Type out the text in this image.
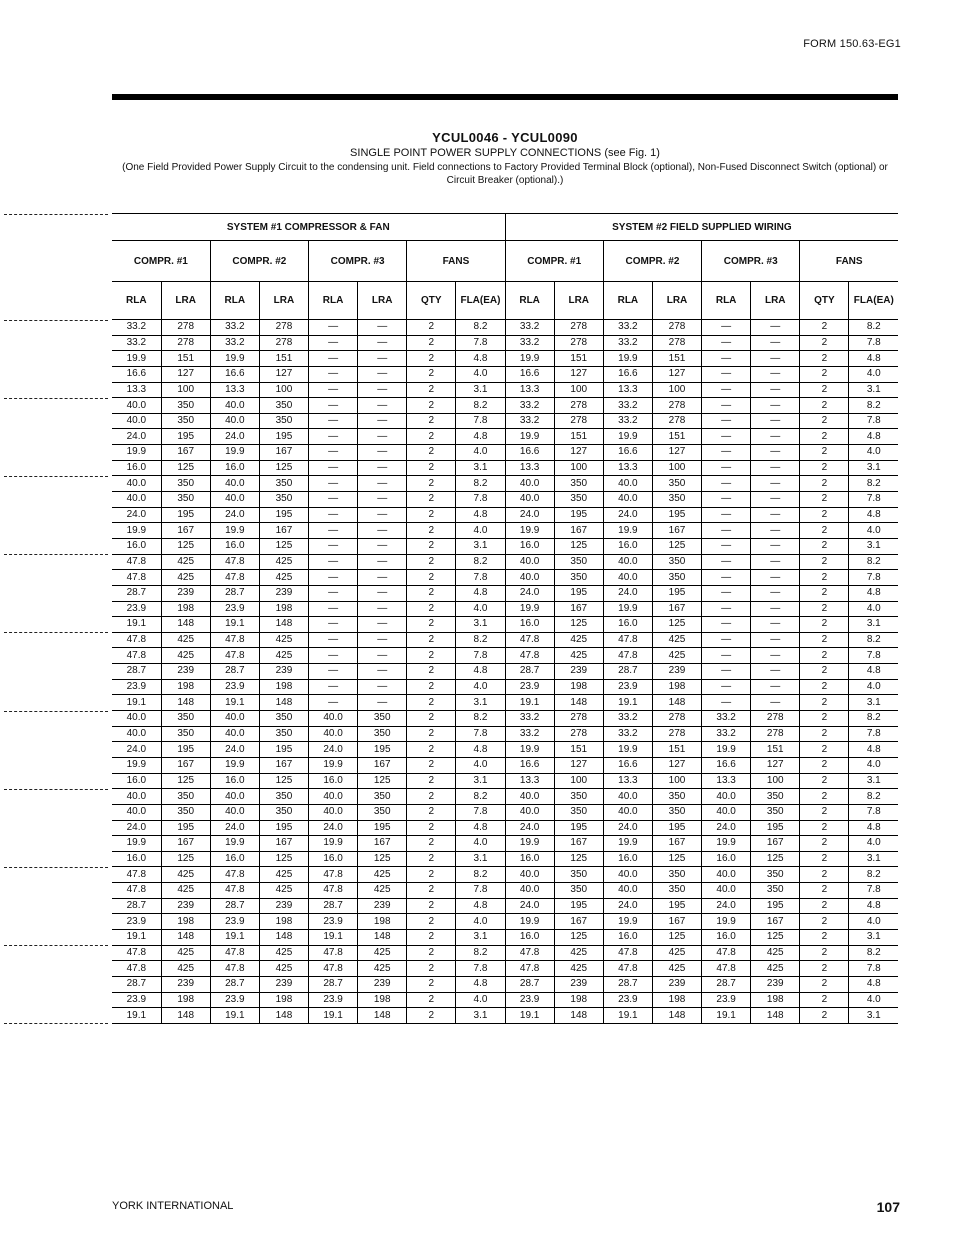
FORM 150.63-EG1
YCUL0046 - YCUL0090
SINGLE POINT POWER SUPPLY CONNECTIONS (see Fig. 1)
(One Field Provided Power Supply Circuit to the condensing unit. Field connections to Factory Provided Terminal Block (optional), Non-Fused Disconnect Switch (optional) or Circuit Breaker (optional).)
SYSTEM #1 COMPRESSOR & FAN								SYSTEM #2 FIELD SUPPLIED WIRING							
COMPR. #1		COMPR. #2		COMPR. #3		FANS		COMPR. #1		COMPR. #2		COMPR. #3		FANS	
RLA	LRA	RLA	LRA	RLA	LRA	QTY	FLA(EA)	RLA	LRA	RLA	LRA	RLA	LRA	QTY	FLA(EA)
33.2	278	33.2	278	—	—	2	8.2	33.2	278	33.2	278	—	—	2	8.2
33.2	278	33.2	278	—	—	2	7.8	33.2	278	33.2	278	—	—	2	7.8
19.9	151	19.9	151	—	—	2	4.8	19.9	151	19.9	151	—	—	2	4.8
16.6	127	16.6	127	—	—	2	4.0	16.6	127	16.6	127	—	—	2	4.0
13.3	100	13.3	100	—	—	2	3.1	13.3	100	13.3	100	—	—	2	3.1
40.0	350	40.0	350	—	—	2	8.2	33.2	278	33.2	278	—	—	2	8.2
40.0	350	40.0	350	—	—	2	7.8	33.2	278	33.2	278	—	—	2	7.8
24.0	195	24.0	195	—	—	2	4.8	19.9	151	19.9	151	—	—	2	4.8
19.9	167	19.9	167	—	—	2	4.0	16.6	127	16.6	127	—	—	2	4.0
16.0	125	16.0	125	—	—	2	3.1	13.3	100	13.3	100	—	—	2	3.1
40.0	350	40.0	350	—	—	2	8.2	40.0	350	40.0	350	—	—	2	8.2
40.0	350	40.0	350	—	—	2	7.8	40.0	350	40.0	350	—	—	2	7.8
24.0	195	24.0	195	—	—	2	4.8	24.0	195	24.0	195	—	—	2	4.8
19.9	167	19.9	167	—	—	2	4.0	19.9	167	19.9	167	—	—	2	4.0
16.0	125	16.0	125	—	—	2	3.1	16.0	125	16.0	125	—	—	2	3.1
47.8	425	47.8	425	—	—	2	8.2	40.0	350	40.0	350	—	—	2	8.2
47.8	425	47.8	425	—	—	2	7.8	40.0	350	40.0	350	—	—	2	7.8
28.7	239	28.7	239	—	—	2	4.8	24.0	195	24.0	195	—	—	2	4.8
23.9	198	23.9	198	—	—	2	4.0	19.9	167	19.9	167	—	—	2	4.0
19.1	148	19.1	148	—	—	2	3.1	16.0	125	16.0	125	—	—	2	3.1
47.8	425	47.8	425	—	—	2	8.2	47.8	425	47.8	425	—	—	2	8.2
47.8	425	47.8	425	—	—	2	7.8	47.8	425	47.8	425	—	—	2	7.8
28.7	239	28.7	239	—	—	2	4.8	28.7	239	28.7	239	—	—	2	4.8
23.9	198	23.9	198	—	—	2	4.0	23.9	198	23.9	198	—	—	2	4.0
19.1	148	19.1	148	—	—	2	3.1	19.1	148	19.1	148	—	—	2	3.1
40.0	350	40.0	350	40.0	350	2	8.2	33.2	278	33.2	278	33.2	278	2	8.2
40.0	350	40.0	350	40.0	350	2	7.8	33.2	278	33.2	278	33.2	278	2	7.8
24.0	195	24.0	195	24.0	195	2	4.8	19.9	151	19.9	151	19.9	151	2	4.8
19.9	167	19.9	167	19.9	167	2	4.0	16.6	127	16.6	127	16.6	127	2	4.0
16.0	125	16.0	125	16.0	125	2	3.1	13.3	100	13.3	100	13.3	100	2	3.1
40.0	350	40.0	350	40.0	350	2	8.2	40.0	350	40.0	350	40.0	350	2	8.2
40.0	350	40.0	350	40.0	350	2	7.8	40.0	350	40.0	350	40.0	350	2	7.8
24.0	195	24.0	195	24.0	195	2	4.8	24.0	195	24.0	195	24.0	195	2	4.8
19.9	167	19.9	167	19.9	167	2	4.0	19.9	167	19.9	167	19.9	167	2	4.0
16.0	125	16.0	125	16.0	125	2	3.1	16.0	125	16.0	125	16.0	125	2	3.1
47.8	425	47.8	425	47.8	425	2	8.2	40.0	350	40.0	350	40.0	350	2	8.2
47.8	425	47.8	425	47.8	425	2	7.8	40.0	350	40.0	350	40.0	350	2	7.8
28.7	239	28.7	239	28.7	239	2	4.8	24.0	195	24.0	195	24.0	195	2	4.8
23.9	198	23.9	198	23.9	198	2	4.0	19.9	167	19.9	167	19.9	167	2	4.0
19.1	148	19.1	148	19.1	148	2	3.1	16.0	125	16.0	125	16.0	125	2	3.1
47.8	425	47.8	425	47.8	425	2	8.2	47.8	425	47.8	425	47.8	425	2	8.2
47.8	425	47.8	425	47.8	425	2	7.8	47.8	425	47.8	425	47.8	425	2	7.8
28.7	239	28.7	239	28.7	239	2	4.8	28.7	239	28.7	239	28.7	239	2	4.8
23.9	198	23.9	198	23.9	198	2	4.0	23.9	198	23.9	198	23.9	198	2	4.0
19.1	148	19.1	148	19.1	148	2	3.1	19.1	148	19.1	148	19.1	148	2	3.1
YORK INTERNATIONAL	107
